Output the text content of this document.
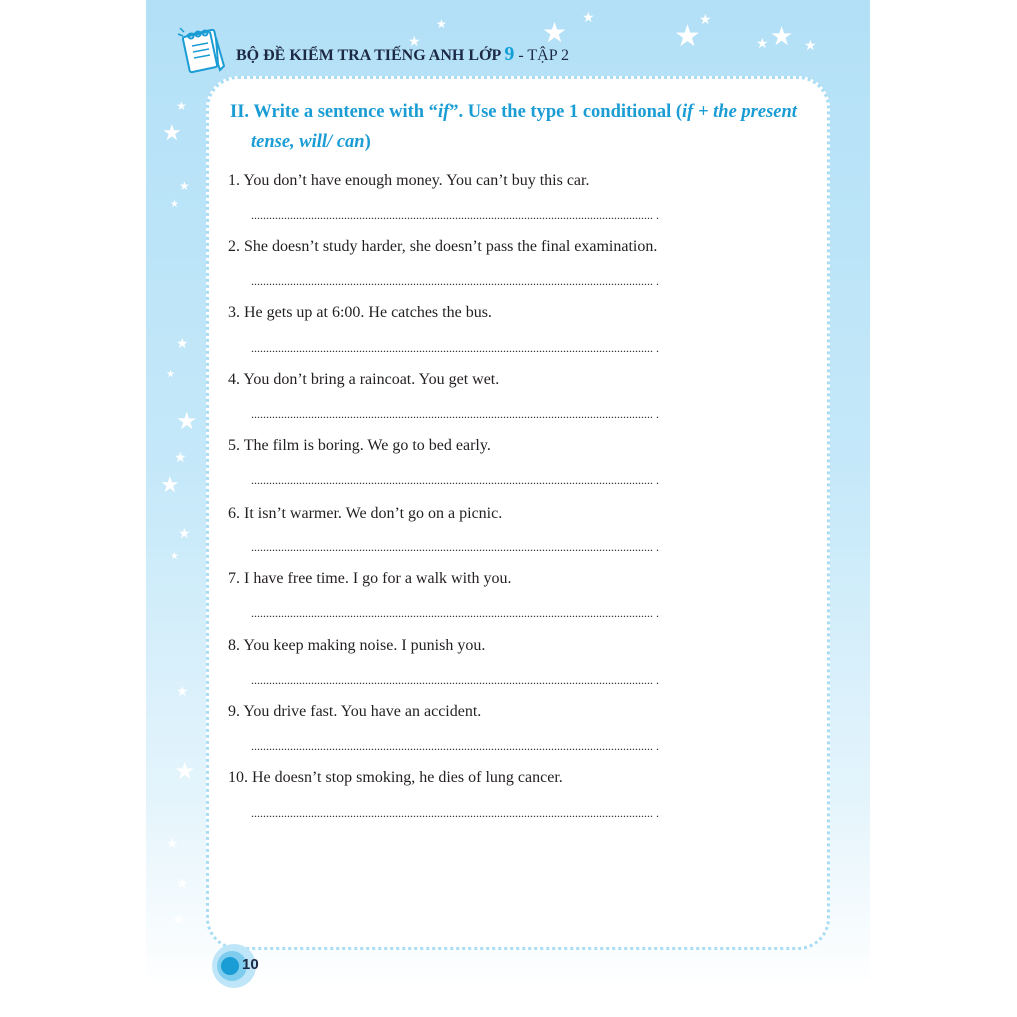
★
★	★ ★
★
★
★ ★ ★
★
★
★
★
★
★
★
★
★
★
★
★
★
★
★
★
BỘ ĐỀ KIỂM TRA TIẾNG ANH LỚP 9 - TẬP 2
II. Write a sentence with “if”. Use the type 1 conditional (if + the present
tense, will/ can)
1. You don’t have enough money. You can’t buy this car.
...................................................................................................................................... .
2. She doesn’t study harder, she doesn’t pass the final examination.
...................................................................................................................................... .
3. He gets up at 6:00. He catches the bus.
...................................................................................................................................... .
4. You don’t bring a raincoat. You get wet.
...................................................................................................................................... .
5. The film is boring. We go to bed early.
...................................................................................................................................... .
6. It isn’t warmer. We don’t go on a picnic.
...................................................................................................................................... .
7. I have free time. I go for a walk with you.
...................................................................................................................................... .
8. You keep making noise. I punish you.
...................................................................................................................................... .
9. You drive fast. You have an accident.
...................................................................................................................................... .
10. He doesn’t stop smoking, he dies of lung cancer.
...................................................................................................................................... .
10
